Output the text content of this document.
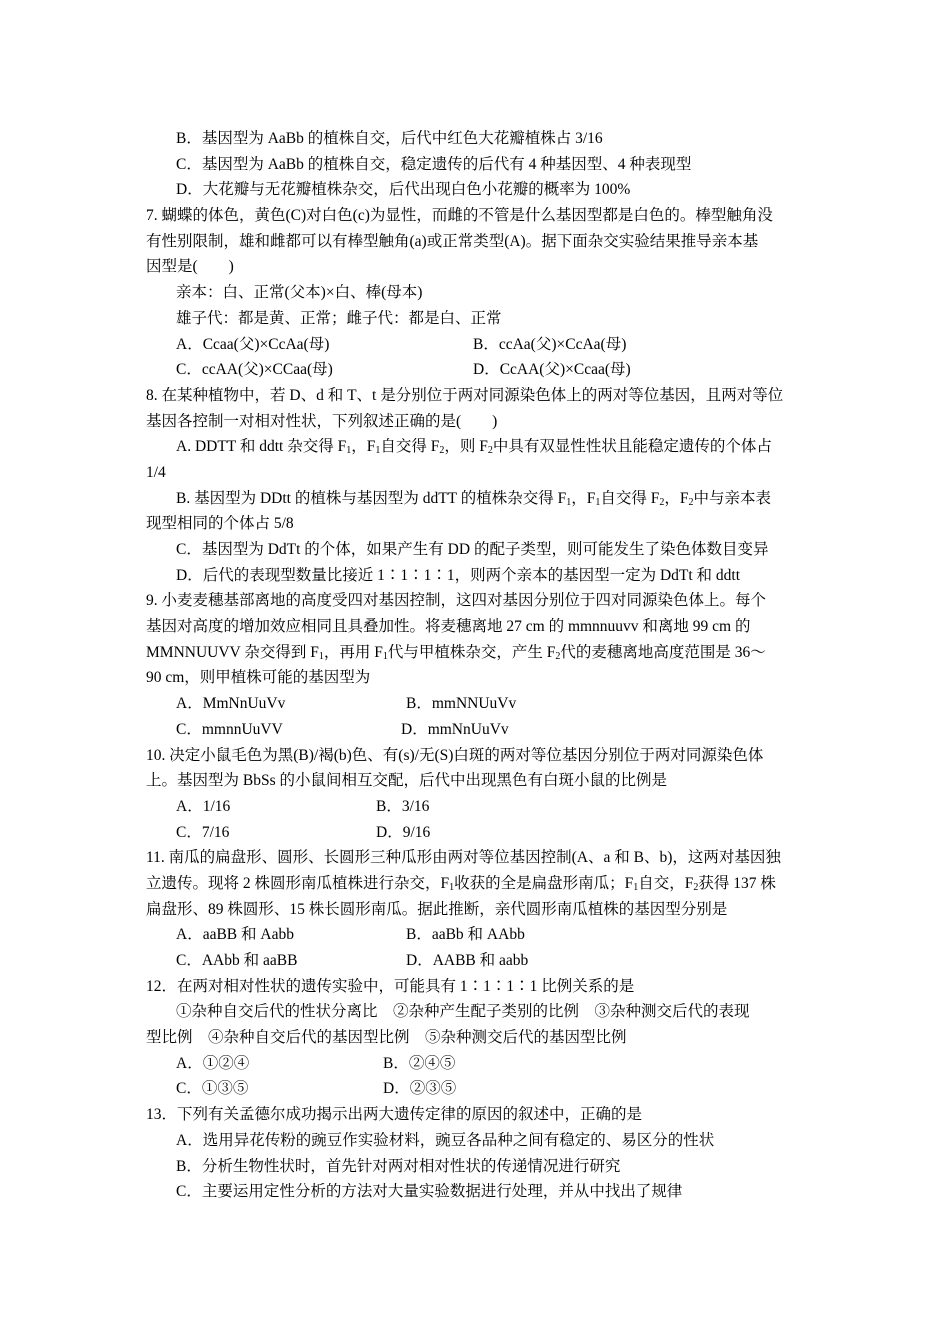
B．基因型为 AaBb 的植株自交，后代中红色大花瓣植株占 3/16
C．基因型为 AaBb 的植株自交，稳定遗传的后代有 4 种基因型、4 种表现型
D．大花瓣与无花瓣植株杂交，后代出现白色小花瓣的概率为 100%
7. 蝴蝶的体色，黄色(C)对白色(c)为显性，而雌的不管是什么基因型都是白色的。棒型触角没
有性别限制，雄和雌都可以有棒型触角(a)或正常类型(A)。据下面杂交实验结果推导亲本基
因型是(　　)
亲本：白、正常(父本)×白、棒(母本)
雄子代：都是黄、正常；雌子代：都是白、正常
A．Ccaa(父)×CcAa(母)	B．ccAa(父)×CcAa(母)
C．ccAA(父)×CCaa(母)	D．CcAA(父)×Ccaa(母)
8. 在某种植物中，若 D、d 和 T、t 是分别位于两对同源染色体上的两对等位基因，且两对等位
基因各控制一对相对性状，下列叙述正确的是(　　)
A. DDTT 和 ddtt 杂交得 $F_1$，$F_1$自交得 $F_2$，则 $F_2$中具有双显性性状且能稳定遗传的个体占
1/4
B. 基因型为 DDtt 的植株与基因型为 ddTT 的植株杂交得 $F_1$，$F_1$自交得 $F_2$，$F_2$中与亲本表
现型相同的个体占 5/8
C．基因型为 DdTt 的个体，如果产生有 DD 的配子类型，则可能发生了染色体数目变异
D．后代的表现型数量比接近 1∶1∶1∶1，则两个亲本的基因型一定为 DdTt 和 ddtt
9. 小麦麦穗基部离地的高度受四对基因控制，这四对基因分别位于四对同源染色体上。每个
基因对高度的增加效应相同且具叠加性。将麦穗离地 27 cm 的 mmnnuuvv 和离地 99 cm 的
MMNNUUVV 杂交得到 $F_1$，再用 $F_1$代与甲植株杂交，产生 $F_2$代的麦穗离地高度范围是 36～
90 cm，则甲植株可能的基因型为
A．MmNnUuVv	B．mmNNUuVv
C．mmnnUuVV	D．mmNnUuVv
10. 决定小鼠毛色为黑(B)/褐(b)色、有(s)/无(S)白斑的两对等位基因分别位于两对同源染色体
上。基因型为 BbSs 的小鼠间相互交配，后代中出现黑色有白斑小鼠的比例是
A．1/16	B．3/16
C．7/16	D．9/16
11. 南瓜的扁盘形、圆形、长圆形三种瓜形由两对等位基因控制(A、a 和 B、b)，这两对基因独
立遗传。现将 2 株圆形南瓜植株进行杂交，$F_1$收获的全是扁盘形南瓜；$F_1$自交，$F_2$获得 137 株
扁盘形、89 株圆形、15 株长圆形南瓜。据此推断，亲代圆形南瓜植株的基因型分别是
A．aaBB 和 Aabb	B．aaBb 和 AAbb
C．AAbb 和 aaBB	D．AABB 和 aabb
12．在两对相对性状的遗传实验中，可能具有 1∶1∶1∶1 比例关系的是
①杂种自交后代的性状分离比　②杂种产生配子类别的比例　③杂种测交后代的表现
型比例　④杂种自交后代的基因型比例　⑤杂种测交后代的基因型比例
A．①②④	B．②④⑤
C．①③⑤	D．②③⑤
13．下列有关孟德尔成功揭示出两大遗传定律的原因的叙述中，正确的是
A．选用异花传粉的豌豆作实验材料，豌豆各品种之间有稳定的、易区分的性状
B．分析生物性状时，首先针对两对相对性状的传递情况进行研究
C．主要运用定性分析的方法对大量实验数据进行处理，并从中找出了规律
